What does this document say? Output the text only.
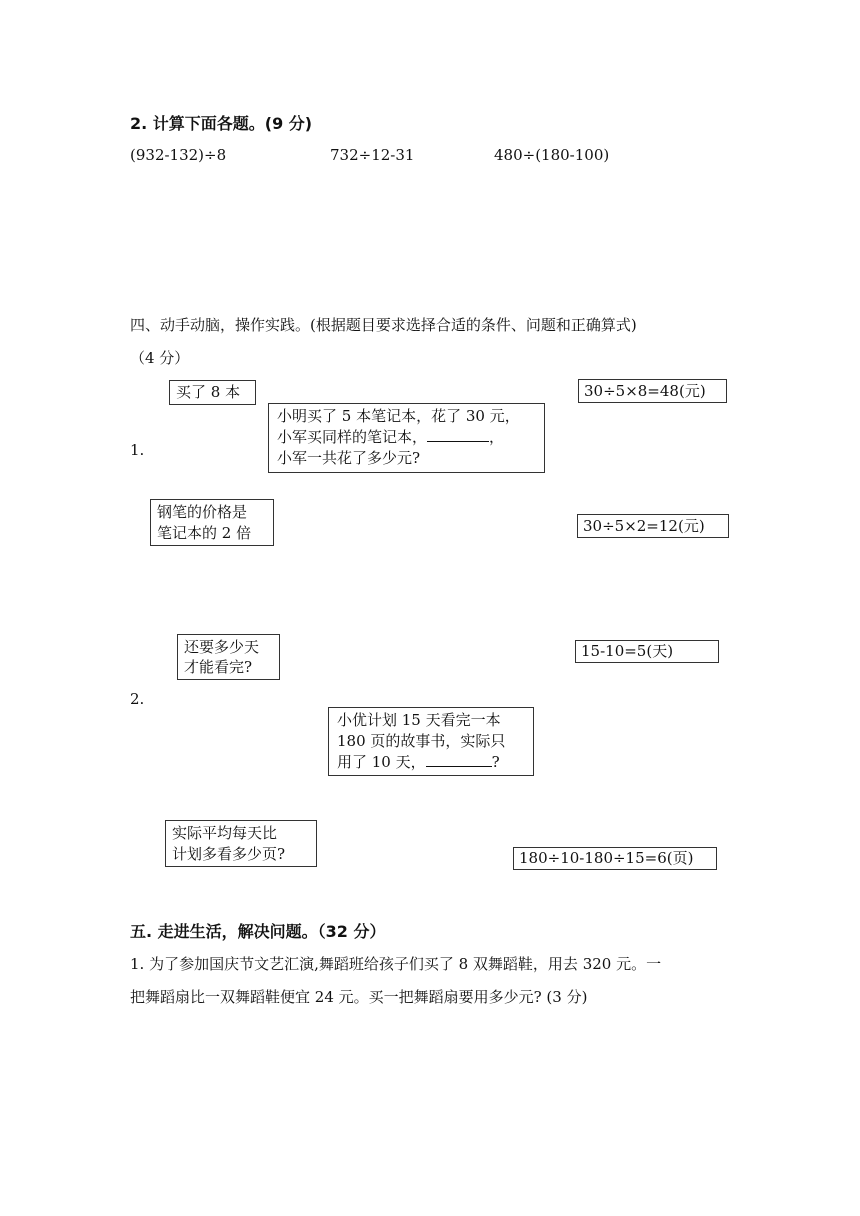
2. 计算下面各题。(9 分)
(932-132)÷8	732÷12-31	480÷(180-100)
四、动手动脑，操作实践。(根据题目要求选择合适的条件、问题和正确算式)
（4 分）
1.
买了 8 本
小明买了 5 本笔记本，花了 30 元，
小军买同样的笔记本，	，
小军一共花了多少元?
钢笔的价格是
笔记本的 2 倍
30÷5×8=48(元)
30÷5×2=12(元)
2.
还要多少天
才能看完?
15-10=5(天)
小优计划 15 天看完一本
180 页的故事书，实际只
用了 10 天，	?
实际平均每天比
计划多看多少页?	180÷10-180÷15=6(页)
五. 走进生活，解决问题。（32 分）
1. 为了参加国庆节文艺汇演,舞蹈班给孩子们买了 8 双舞蹈鞋，用去 320 元。一
把舞蹈扇比一双舞蹈鞋便宜 24 元。买一把舞蹈扇要用多少元? (3 分)
